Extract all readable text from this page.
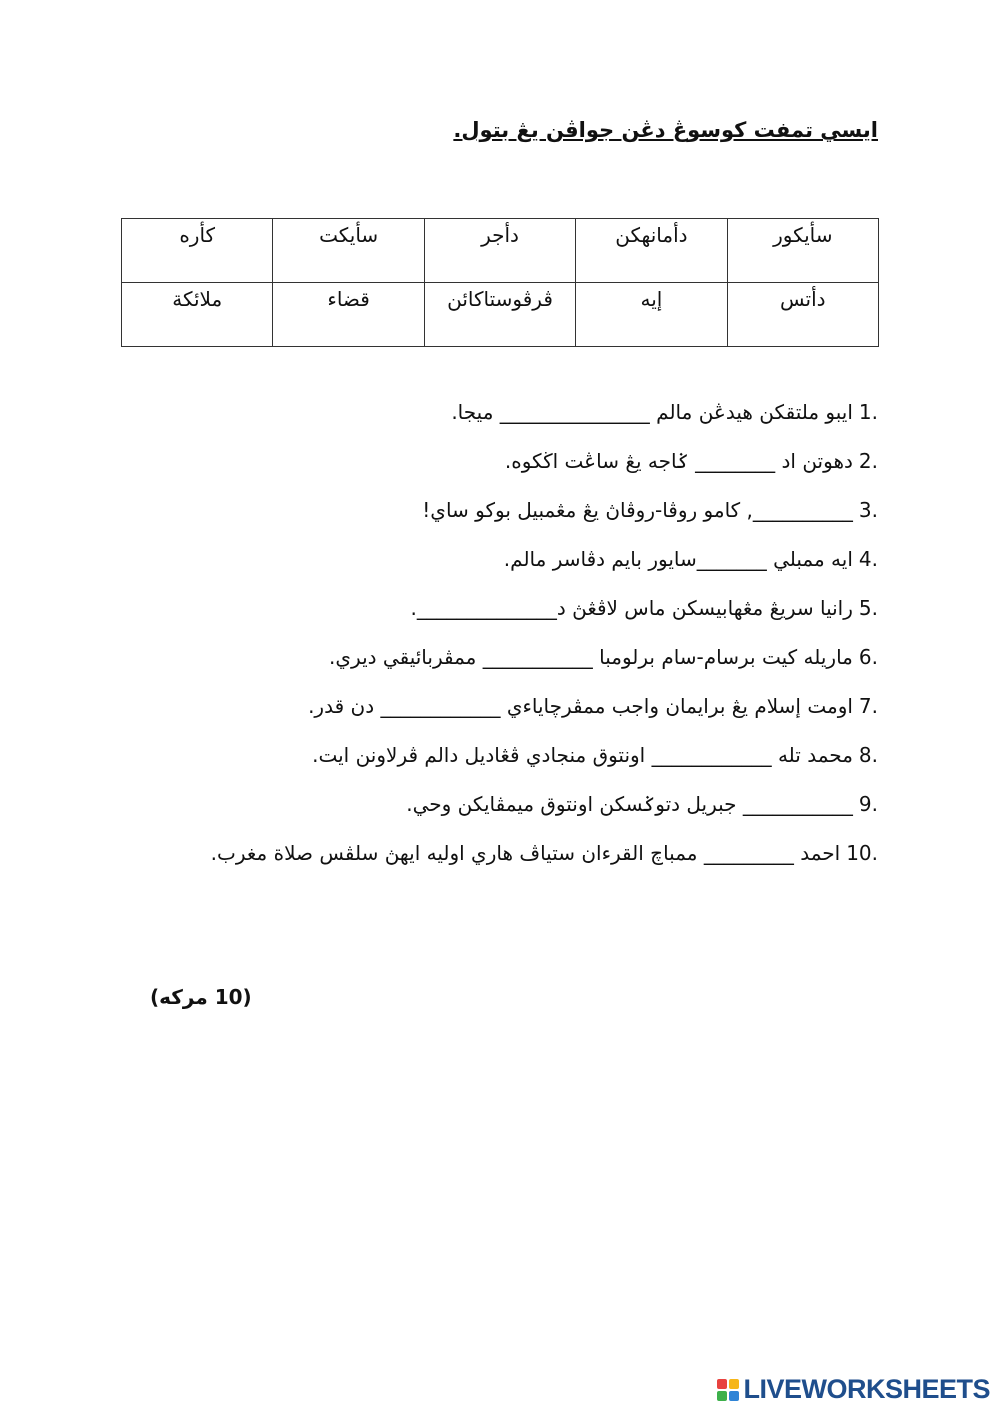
ايسي تمفت كوسوڠ دڠن جواڤن يڠ بتول.
سأيكور	دأمانهكن	دأجر	سأيكت	كأره
دأتس	إيه	ڤرڤوستاكائن	قضاء	ملائكة
1.ايبو ملتقكن هيدڠن مالم _______________ ميجا.
2.دهوتن اد ________ ݢاجه يڠ ساڠت اڬكوه.
3.__________, كامو روڤا-روڤاڽ يڠ مڠمبيل بوكو ساي!
4.ايه ممبلي _______سايور بايم دڤاسر مالم.
5.رانيا سريڠ مڠهابيسكن ماس لاڤڠڽ د______________.
6.ماريله كيت برسام-سام برلومبا ___________ ممڤربائيقي ديري.
7.اومت إسلام يڠ برايمان واجب ممڤرچاياءي ____________ دن قدر.
8.محمد تله ____________ اونتوق منجادي ڤڠاديل دالم ڤرلاونن ايت.
9.___________ جبريل دتوݢسكن اونتوق ميمڤايكن وحي.
10.احمد _________ ممباچ القرءان ستياڤ هاري اوليه ايهڽ سلڤس صلاة مغرب.
(10 مركه)
LIVEWORKSHEETS
